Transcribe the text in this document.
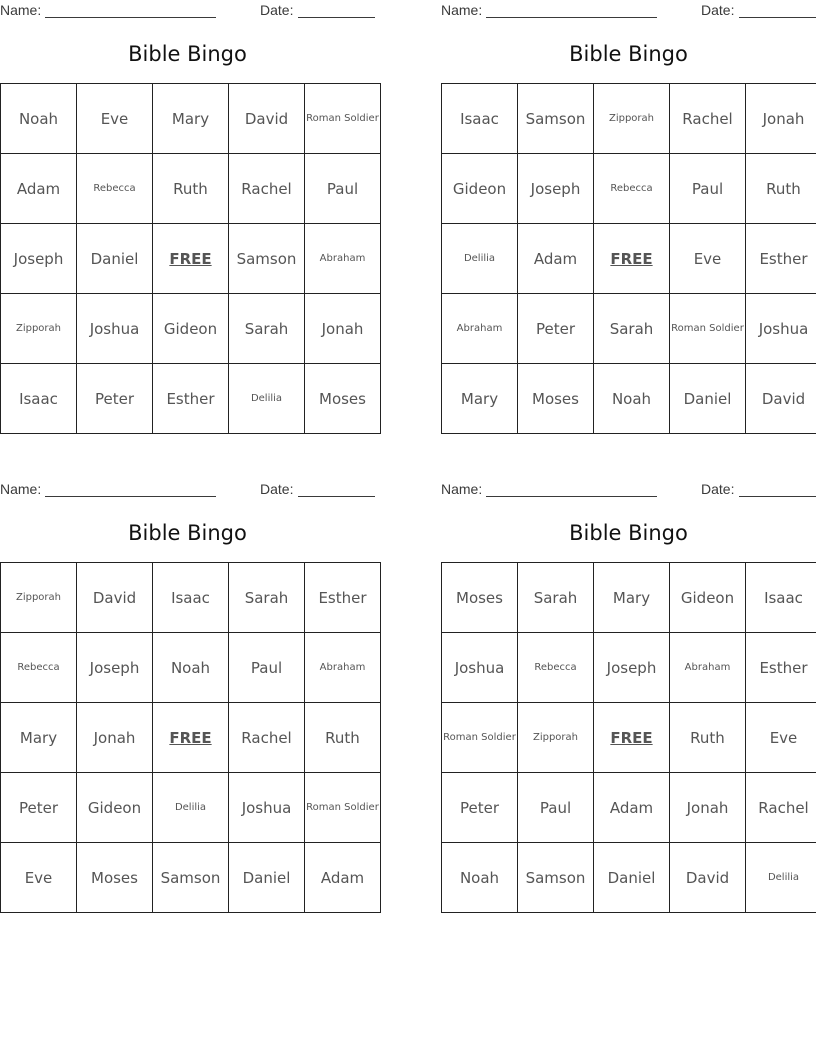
Name:	Date:
Bible Bingo
Noah	Eve	Mary	David	Roman Soldier
Adam	Rebecca	Ruth	Rachel	Paul
Joseph	Daniel	FREE	Samson	Abraham
Zipporah	Joshua	Gideon	Sarah	Jonah
Isaac	Peter	Esther	Delilia	Moses
Name:	Date:
Bible Bingo
Isaac	Samson	Zipporah	Rachel	Jonah
Gideon	Joseph	Rebecca	Paul	Ruth
Delilia	Adam	FREE	Eve	Esther
Abraham	Peter	Sarah	Roman Soldier	Joshua
Mary	Moses	Noah	Daniel	David
Name:	Date:
Bible Bingo
Zipporah	David	Isaac	Sarah	Esther
Rebecca	Joseph	Noah	Paul	Abraham
Mary	Jonah	FREE	Rachel	Ruth
Peter	Gideon	Delilia	Joshua	Roman Soldier
Eve	Moses	Samson	Daniel	Adam
Name:	Date:
Bible Bingo
Moses	Sarah	Mary	Gideon	Isaac
Joshua	Rebecca	Joseph	Abraham	Esther
Roman Soldier	Zipporah	FREE	Ruth	Eve
Peter	Paul	Adam	Jonah	Rachel
Noah	Samson	Daniel	David	Delilia
